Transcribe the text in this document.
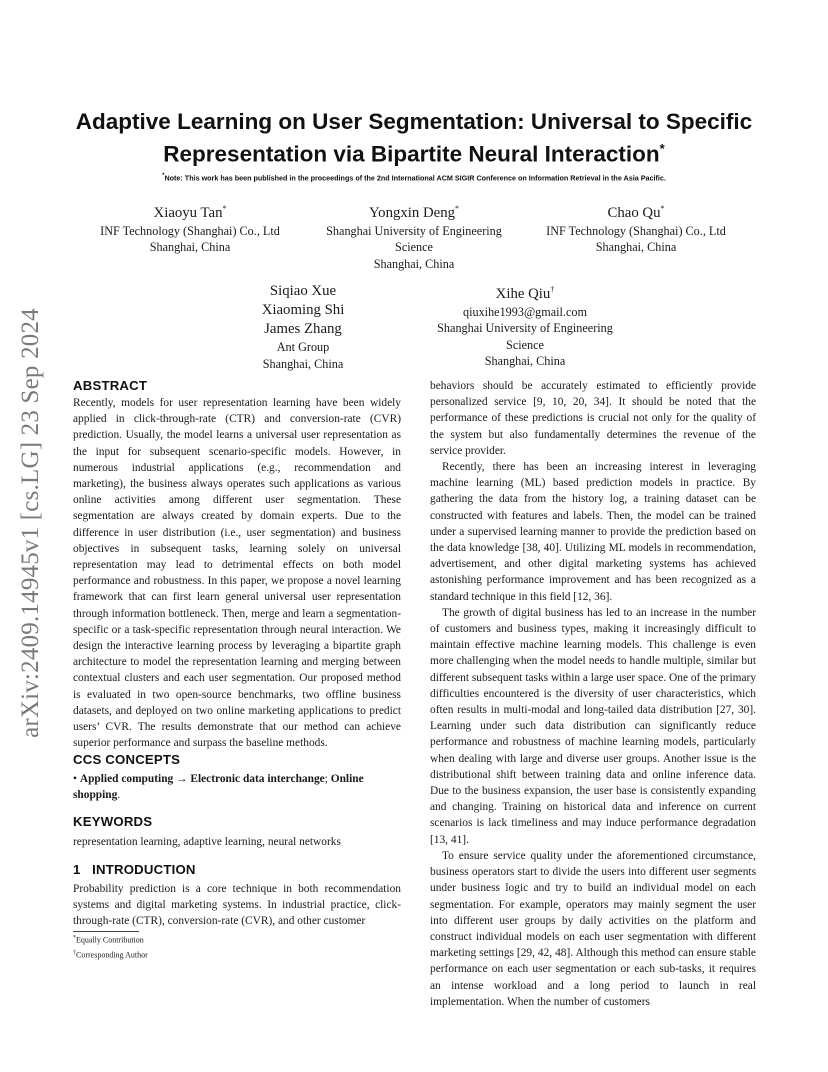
arXiv:2409.14945v1 [cs.LG] 23 Sep 2024
Adaptive Learning on User Segmentation: Universal to Specific
Representation via Bipartite Neural Interaction*
*Note: This work has been published in the proceedings of the 2nd International ACM SIGIR Conference on Information Retrieval in the Asia Pacific.
Xiaoyu Tan*
INF Technology (Shanghai) Co., Ltd
Shanghai, China
Yongxin Deng*
Shanghai University of Engineering
Science
Shanghai, China
Chao Qu*
INF Technology (Shanghai) Co., Ltd
Shanghai, China
Siqiao Xue
Xiaoming Shi
James Zhang
Ant Group
Shanghai, China
Xihe Qiu†
qiuxihe1993@gmail.com
Shanghai University of Engineering
Science
Shanghai, China
ABSTRACT

Recently, models for user representation learning have been widely applied in click-through-rate (CTR) and conversion-rate (CVR) prediction. Usually, the model learns a universal user representation as the input for subsequent scenario-specific models. However, in numerous industrial applications (e.g., recommendation and marketing), the business always operates such applications as various online activities among different user segmentation. These segmentation are always created by domain experts. Due to the difference in user distribution (i.e., user segmentation) and business objectives in subsequent tasks, learning solely on universal representation may lead to detrimental effects on both model performance and robustness. In this paper, we propose a novel learning framework that can first learn general universal user representation through information bottleneck. Then, merge and learn a segmentation-specific or a task-specific representation through neural interaction. We design the interactive learning process by leveraging a bipartite graph architecture to model the representation learning and merging between contextual clusters and each user segmentation. Our proposed method is evaluated in two open-source benchmarks, two offline business datasets, and deployed on two online marketing applications to predict users’ CVR. The results demonstrate that our method can achieve superior performance and surpass the baseline methods.

CCS CONCEPTS
• Applied computing → Electronic data interchange; Online shopping.
KEYWORDS
representation learning, adaptive learning, neural networks
1   INTRODUCTION

Probability prediction is a core technique in both recommendation systems and digital marketing systems. In industrial practice, click-through-rate (CTR), conversion-rate (CVR), and other customer

*Equally Contribution
†Corresponding Author

behaviors should be accurately estimated to efficiently provide personalized service [9, 10, 20, 34]. It should be noted that the performance of these predictions is crucial not only for the quality of the system but also fundamentally determines the revenue of the service provider.

Recently, there has been an increasing interest in leveraging machine learning (ML) based prediction models in practice. By gathering the data from the history log, a training dataset can be constructed with features and labels. Then, the model can be trained under a supervised learning manner to provide the prediction based on the data knowledge [38, 40]. Utilizing ML models in recommendation, advertisement, and other digital marketing systems has achieved astonishing performance improvement and has been recognized as a standard technique in this field [12, 36].

The growth of digital business has led to an increase in the number of customers and business types, making it increasingly difficult to maintain effective machine learning models. This challenge is even more challenging when the model needs to handle multiple, similar but different subsequent tasks within a large user space. One of the primary difficulties encountered is the diversity of user characteristics, which often results in multi-modal and long-tailed data distribution [27, 30]. Learning under such data distribution can significantly reduce performance and robustness of machine learning models, particularly when dealing with large and diverse user groups. Another issue is the distributional shift between training data and online inference data. Due to the business expansion, the user base is consistently expanding and changing. Training on historical data and inference on current scenarios is lack timeliness and may induce performance degradation [13, 41].

To ensure service quality under the aforementioned circumstance, business operators start to divide the users into different user segments under business logic and try to build an individual model on each segmentation. For example, operators may mainly segment the user into different user groups by daily activities on the platform and construct individual models on each user segmentation with different marketing settings [29, 42, 48]. Although this method can ensure stable performance on each user segmentation or each sub-tasks, it requires an intense workload and a long period to launch in real implementation. When the number of customers
